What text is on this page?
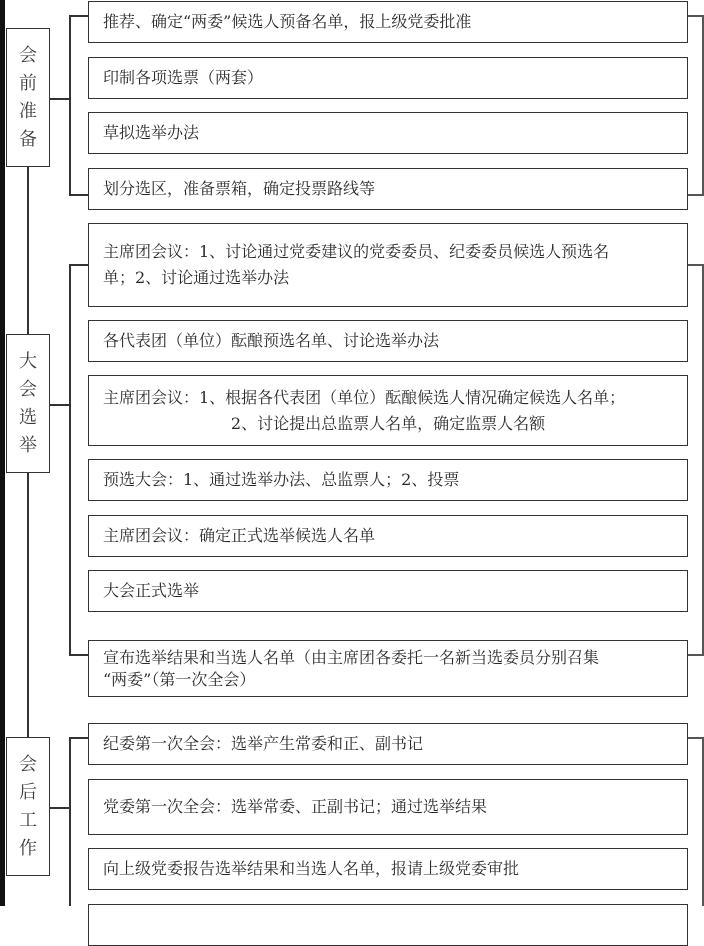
会
前
准
备
推荐、确定“两委”候选人预备名单，报上级党委批准
印制各项选票（两套）
草拟选举办法
划分选区，准备票箱，确定投票路线等
大
会
选
举
主席团会议：1、讨论通过党委建议的党委委员、纪委委员候选人预选名
单；2、讨论通过选举办法
各代表团（单位）酝酿预选名单、讨论选举办法
主席团会议：1、根据各代表团（单位）酝酿候选人情况确定候选人名单；
2、讨论提出总监票人名单，确定监票人名额
预选大会：1、通过选举办法、总监票人；2、投票
主席团会议：确定正式选举候选人名单
大会正式选举
宣布选举结果和当选人名单（由主席团各委托一名新当选委员分别召集
“两委”（第一次全会）
会
后
工
作
纪委第一次全会：选举产生常委和正、副书记
党委第一次全会：选举常委、正副书记；通过选举结果
向上级党委报告选举结果和当选人名单，报请上级党委审批
